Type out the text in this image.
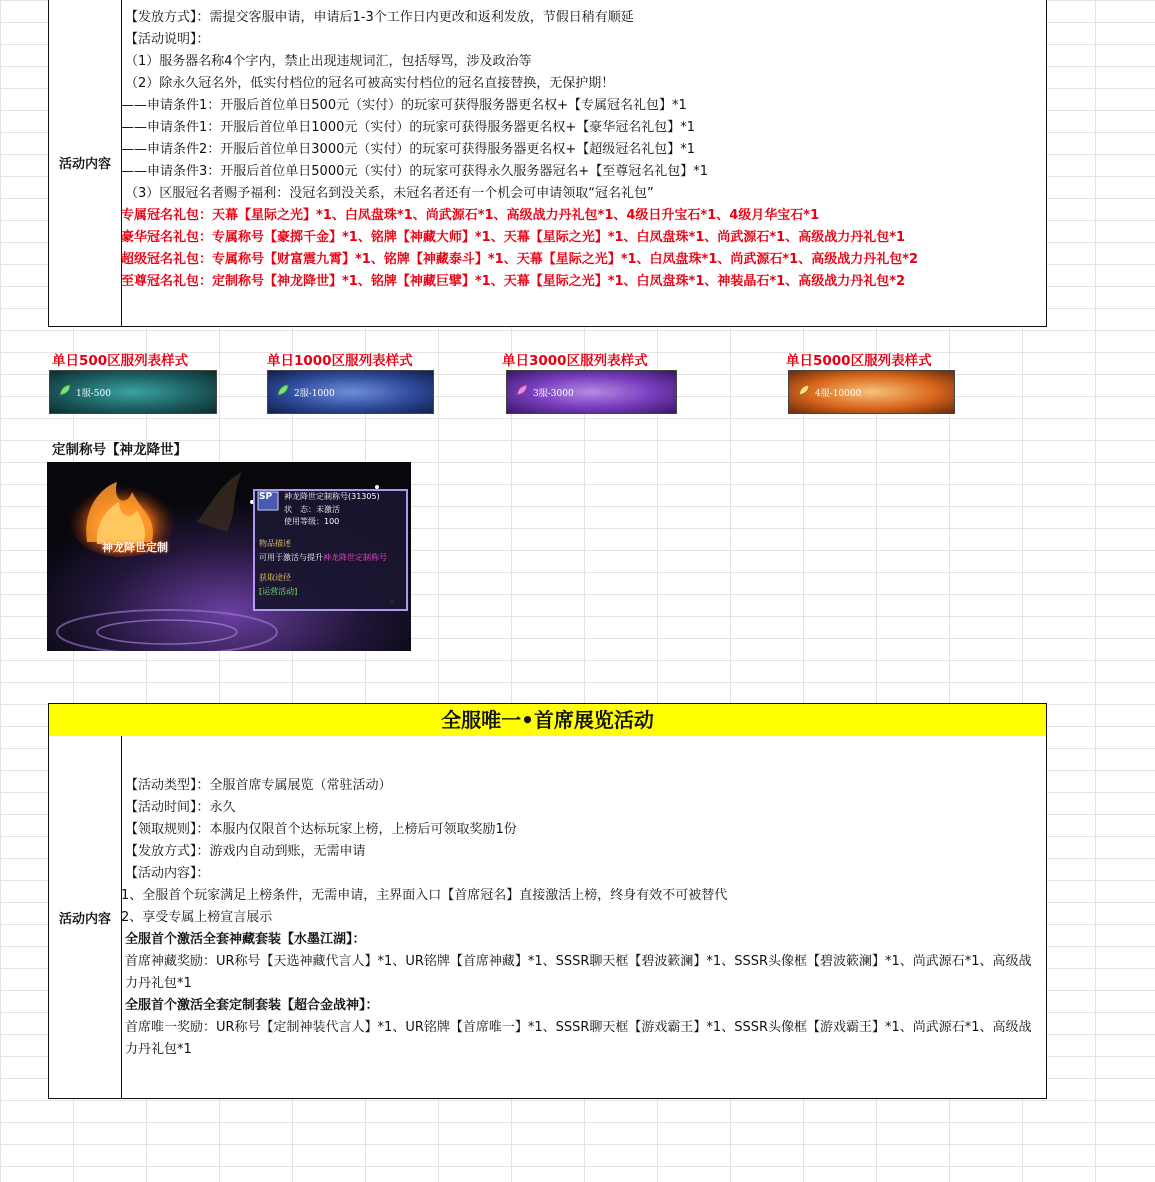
活动内容
【发放方式】：需提交客服申请，申请后1-3个工作日内更改和返利发放，节假日稍有顺延
【活动说明】：
（1）服务器名称4个字内，禁止出现违规词汇，包括辱骂，涉及政治等
（2）除永久冠名外，低实付档位的冠名可被高实付档位的冠名直接替换，无保护期！
——申请条件1：开服后首位单日500元（实付）的玩家可获得服务器更名权+【专属冠名礼包】*1
——申请条件1：开服后首位单日1000元（实付）的玩家可获得服务器更名权+【豪华冠名礼包】*1
——申请条件2：开服后首位单日3000元（实付）的玩家可获得服务器更名权+【超级冠名礼包】*1
——申请条件3：开服后首位单日5000元（实付）的玩家可获得永久服务器冠名+【至尊冠名礼包】*1
（3）区服冠名者赐予福利：没冠名到没关系，未冠名者还有一个机会可申请领取“冠名礼包”
专属冠名礼包：天幕【星际之光】*1、白凤盘珠*1、尚武源石*1、高级战力丹礼包*1、4级日升宝石*1、4级月华宝石*1
豪华冠名礼包：专属称号【豪掷千金】*1、铭牌【神藏大师】*1、天幕【星际之光】*1、白凤盘珠*1、尚武源石*1、高级战力丹礼包*1
超级冠名礼包：专属称号【财富震九霄】*1、铭牌【神藏泰斗】*1、天幕【星际之光】*1、白凤盘珠*1、尚武源石*1、高级战力丹礼包*2
至尊冠名礼包：定制称号【神龙降世】*1、铭牌【神藏巨擘】*1、天幕【星际之光】*1、白凤盘珠*1、神装晶石*1、高级战力丹礼包*2
单日500区服列表样式	单日1000区服列表样式	单日3000区服列表样式	单日5000区服列表样式
1服-500	2服-1000	3服-3000	4服-10000
定制称号【神龙降世】
神龙降世定制
SP 神龙降世定制称号(31305)
状　态：未激活
使用等级：100
物品描述
可用于激活与提升神龙降世定制称号
获取途径
[运营活动]
全服唯一•首席展览活动
活动内容
【活动类型】：全服首席专属展览（常驻活动）
【活动时间】：永久
【领取规则】：本服内仅限首个达标玩家上榜，上榜后可领取奖励1份
【发放方式】：游戏内自动到账，无需申请
【活动内容】：
1、全服首个玩家满足上榜条件，无需申请，主界面入口【首席冠名】直接激活上榜，终身有效不可被替代
2、享受专属上榜宣言展示
全服首个激活全套神藏套装【水墨江湖】：
首席神藏奖励：UR称号【天选神藏代言人】*1、UR铭牌【首席神藏】*1、SSSR聊天框【碧波簌澜】*1、SSSR头像框【碧波簌澜】*1、尚武源石*1、高级战力丹礼包*1
全服首个激活全套定制套装【超合金战神】：
首席唯一奖励：UR称号【定制神装代言人】*1、UR铭牌【首席唯一】*1、SSSR聊天框【游戏霸王】*1、SSSR头像框【游戏霸王】*1、尚武源石*1、高级战力丹礼包*1
